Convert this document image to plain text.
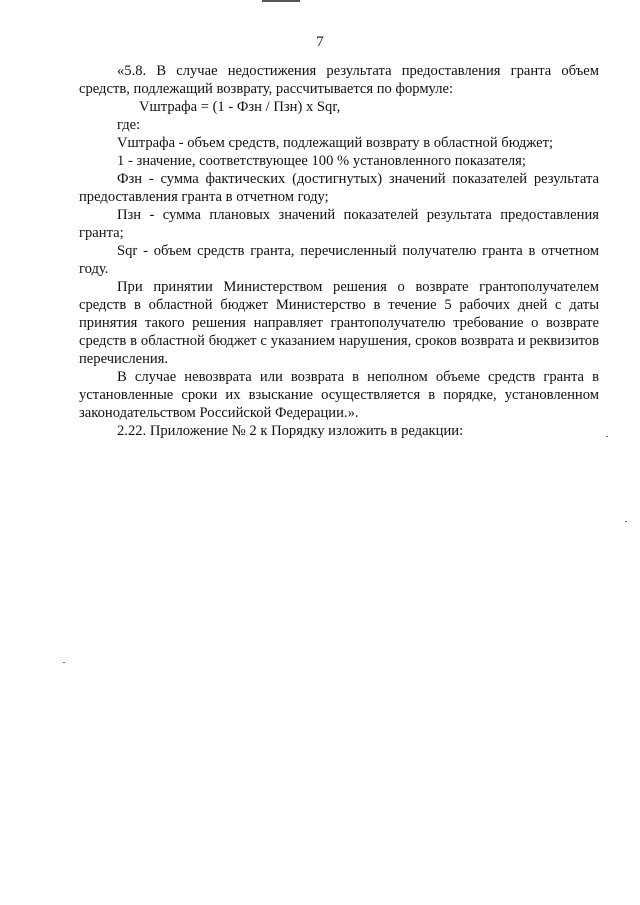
7

«5.8. В случае недостижения результата предоставления гранта объем средств, подлежащий возврату, рассчитывается по формуле:

Vштрафа = (1 - Фзн / Пзн) x Sqr,

где:

Vштрафа - объем средств, подлежащий возврату в областной бюджет;

1 - значение, соответствующее 100 % установленного показателя;

Фзн - сумма фактических (достигнутых) значений показателей результата предоставления гранта в отчетном году;

Пзн - сумма плановых значений показателей результата предоставления гранта;

Sqr - объем средств гранта, перечисленный получателю гранта в отчетном году.

При принятии Министерством решения о возврате грантополучателем средств в областной бюджет Министерство в течение 5 рабочих дней с даты принятия такого решения направляет грантополучателю требование о возврате средств в областной бюджет с указанием нарушения, сроков возврата и реквизитов перечисления.

В случае невозврата или возврата в неполном объеме средств гранта в установленные сроки их взыскание осуществляется в порядке, установленном законодательством Российской Федерации.».

2.22. Приложение № 2 к Порядку изложить в редакции:
